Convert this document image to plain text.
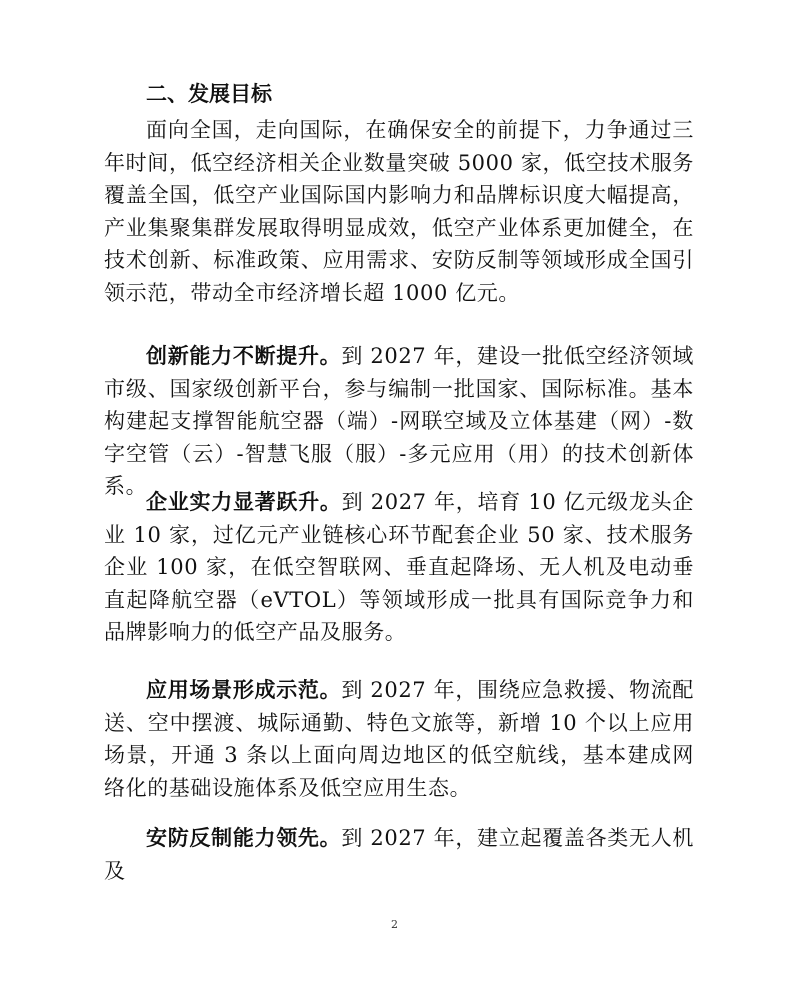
二、发展目标

面向全国，走向国际，在确保安全的前提下，力争通过三年时间，低空经济相关企业数量突破 5000 家，低空技术服务覆盖全国，低空产业国际国内影响力和品牌标识度大幅提高，产业集聚集群发展取得明显成效，低空产业体系更加健全，在技术创新、标准政策、应用需求、安防反制等领域形成全国引领示范，带动全市经济增长超 1000 亿元。

创新能力不断提升。到 2027 年，建设一批低空经济领域市级、国家级创新平台，参与编制一批国家、国际标准。基本构建起支撑智能航空器（端）-网联空域及立体基建（网）-数字空管（云）-智慧飞服（服）-多元应用（用）的技术创新体系。

企业实力显著跃升。到 2027 年，培育 10 亿元级龙头企业 10 家，过亿元产业链核心环节配套企业 50 家、技术服务企业 100 家，在低空智联网、垂直起降场、无人机及电动垂直起降航空器（eVTOL）等领域形成一批具有国际竞争力和品牌影响力的低空产品及服务。

应用场景形成示范。到 2027 年，围绕应急救援、物流配送、空中摆渡、城际通勤、特色文旅等，新增 10 个以上应用场景，开通 3 条以上面向周边地区的低空航线，基本建成网络化的基础设施体系及低空应用生态。

安防反制能力领先。到 2027 年，建立起覆盖各类无人机及

2
